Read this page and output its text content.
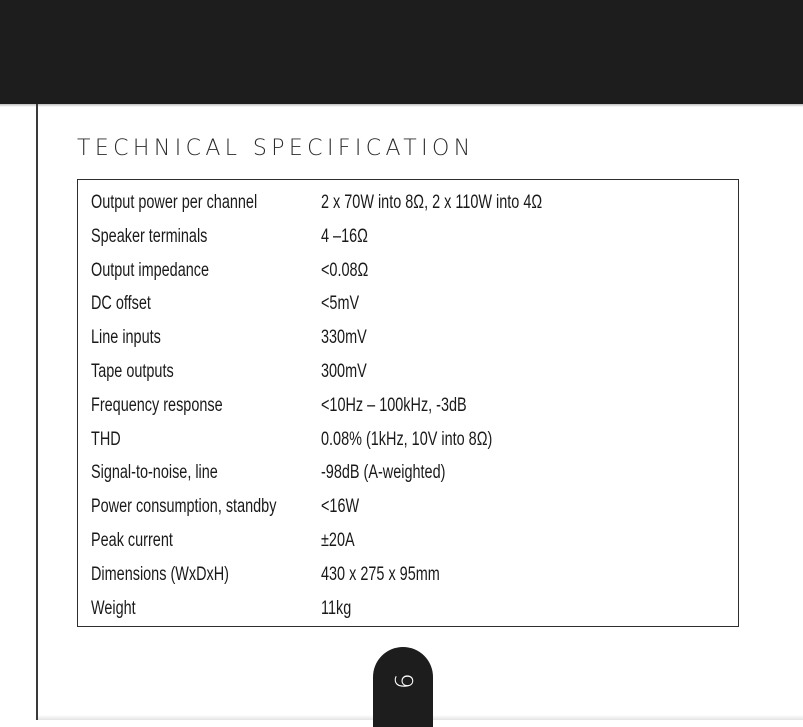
TECHNICAL SPECIFICATION
Output power per channel	2 x 70W into 8Ω, 2 x 110W into 4Ω
Speaker terminals	4 –16Ω
Output impedance	<0.08Ω
DC offset	<5mV
Line inputs	330mV
Tape outputs	300mV
Frequency response	<10Hz – 100kHz, -3dB
THD	0.08% (1kHz, 10V into 8Ω)
Signal-to-noise, line	-98dB (A-weighted)
Power consumption, standby <16W
Peak current	±20A
Dimensions (WxDxH)	430 x 275 x 95mm
Weight	11kg
9
